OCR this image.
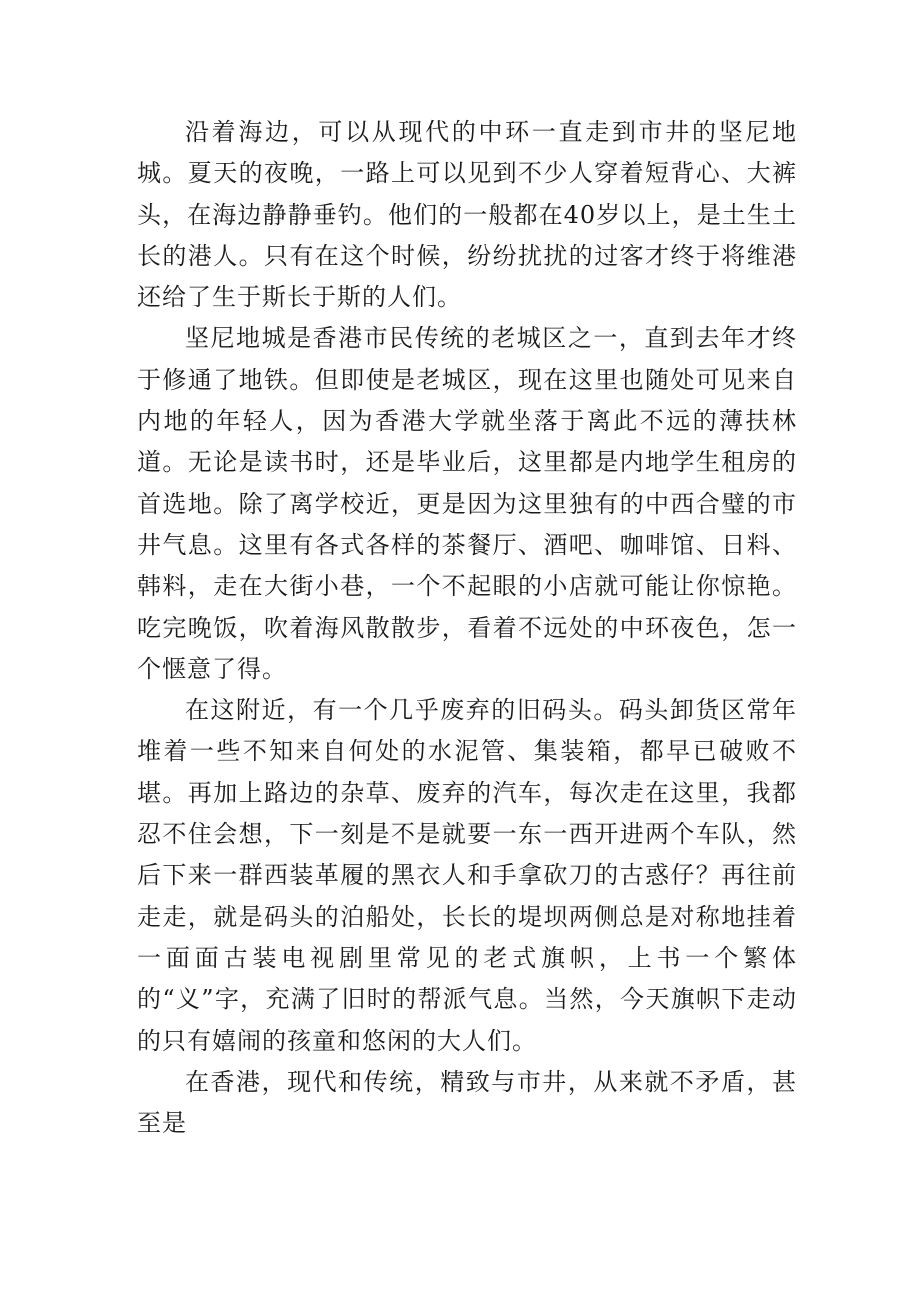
沿着海边，可以从现代的中环一直走到市井的坚尼地城。夏天的夜晚，一路上可以见到不少人穿着短背心、大裤头，在海边静静垂钓。他们的一般都在40岁以上，是土生土长的港人。只有在这个时候，纷纷扰扰的过客才终于将维港还给了生于斯长于斯的人们。

坚尼地城是香港市民传统的老城区之一，直到去年才终于修通了地铁。但即使是老城区，现在这里也随处可见来自内地的年轻人，因为香港大学就坐落于离此不远的薄扶林道。无论是读书时，还是毕业后，这里都是内地学生租房的首选地。除了离学校近，更是因为这里独有的中西合璧的市井气息。这里有各式各样的茶餐厅、酒吧、咖啡馆、日料、韩料，走在大街小巷，一个不起眼的小店就可能让你惊艳。吃完晚饭，吹着海风散散步，看着不远处的中环夜色，怎一个惬意了得。

在这附近，有一个几乎废弃的旧码头。码头卸货区常年堆着一些不知来自何处的水泥管、集装箱，都早已破败不堪。再加上路边的杂草、废弃的汽车，每次走在这里，我都忍不住会想，下一刻是不是就要一东一西开进两个车队，然后下来一群西装革履的黑衣人和手拿砍刀的古惑仔？再往前走走，就是码头的泊船处，长长的堤坝两侧总是对称地挂着一面面古装电视剧里常见的老式旗帜，上书一个繁体的“义”字，充满了旧时的帮派气息。当然，今天旗帜下走动的只有嬉闹的孩童和悠闲的大人们。

在香港，现代和传统，精致与市井，从来就不矛盾，甚至是
